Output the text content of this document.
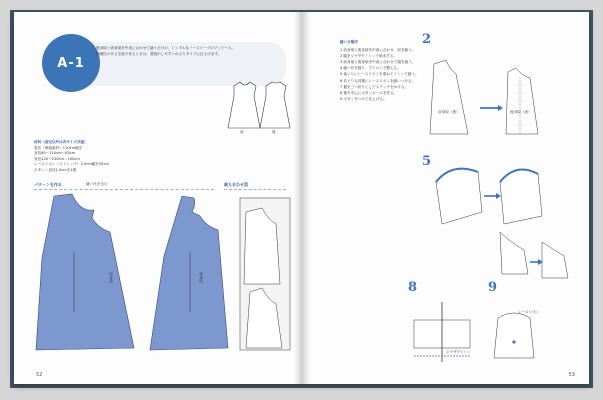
A-1
裏身頃と表身頃を中表に合わせて縫うだけの、シンプルなノースリーブのワンピース。伸縮性のある生地で作るときは、着脱のしやすいかぶりタイプに仕上げます。
前	後
材料（指定以外は各サイズ共通）
表布（伸縮素材）110cm幅を
身長80〜110cm＝80cm
身長120〜130cm＝100cm
レースリボン（ストレッチ）2.5cm幅を55cm
ボタン＝直径1.5cmを1個
パターンを作る	縫い代を含む	裁ち合わせ図
前身頃	後身頃
52
縫い方順序
1 前身頃と後身頃を中表に合わせ、肩を縫う。
2 脇をジグザグミシンで始末する。
3 前身頃と後身頃を中表に合わせて脇を縫う。
4 縫い代を割り、アイロンで整える。
5 袖ぐりにレースリボンを重ねてミシンで縫う。
6 衿ぐりも同様にレースリボンを縫いつける。
7 裾を三つ折りにしてステッチをかける。
8 後ろ中心にボタンホールを作る。
9 ボタンをつけて仕上げる。
2
5
8	9
前身頃（裏）	後身頃（表）
ジグザグミシン
レースリボン
53
